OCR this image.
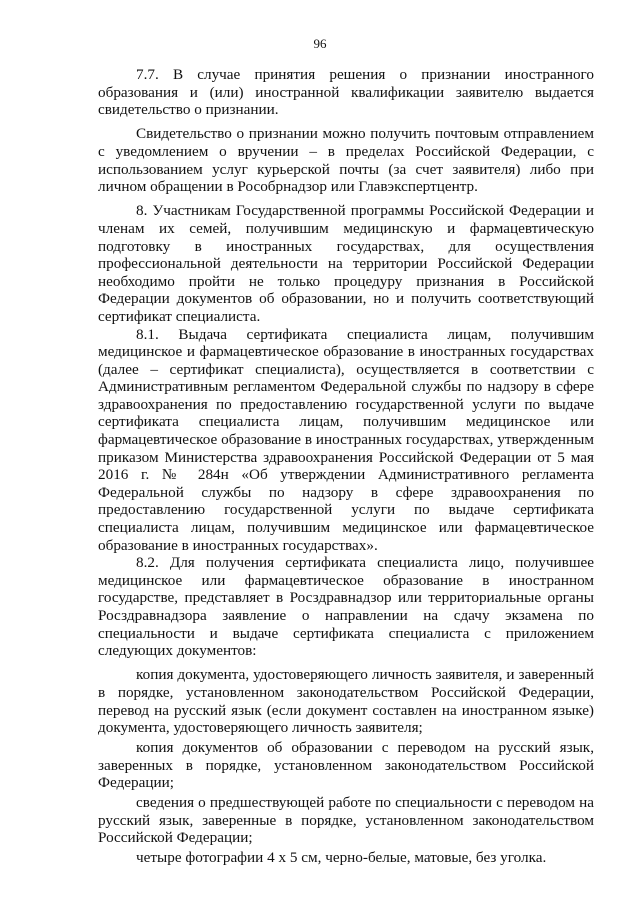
96

7.7. В случае принятия решения о признании иностранного образования и (или) иностранной квалификации заявителю выдается свидетельство о признании.

Свидетельство о признании можно получить почтовым отправлением с уведомлением о вручении – в пределах Российской Федерации, с использованием услуг курьерской почты (за счет заявителя) либо при личном обращении в Рособрнадзор или Главэкспертцентр.

8. Участникам Государственной программы Российской Федерации и членам их семей, получившим медицинскую и фармацевтическую подготовку в иностранных государствах, для осуществления профессиональной деятельности на территории Российской Федерации необходимо пройти не только процедуру признания в Российской Федерации документов об образовании, но и получить соответствующий сертификат специалиста.

8.1. Выдача сертификата специалиста лицам, получившим медицинское и фармацевтическое образование в иностранных государствах (далее – сертификат специалиста), осуществляется в соответствии с Административным регламентом Федеральной службы по надзору в сфере здравоохранения по предоставлению государственной услуги по выдаче сертификата специалиста лицам, получившим медицинское или фармацевтическое образование в иностранных государствах, утвержденным приказом Министерства здравоохранения Российской Федерации от 5 мая 2016 г. № 284н «Об утверждении Административного регламента Федеральной службы по надзору в сфере здравоохранения по предоставлению государственной услуги по выдаче сертификата специалиста лицам, получившим медицинское или фармацевтическое образование в иностранных государствах».

8.2. Для получения сертификата специалиста лицо, получившее медицинское или фармацевтическое образование в иностранном государстве, представляет в Росздравнадзор или территориальные органы Росздравнадзора заявление о направлении на сдачу экзамена по специальности и выдаче сертификата специалиста с приложением следующих документов:

копия документа, удостоверяющего личность заявителя, и заверенный в порядке, установленном законодательством Российской Федерации, перевод на русский язык (если документ составлен на иностранном языке) документа, удостоверяющего личность заявителя;

копия документов об образовании с переводом на русский язык, заверенных в порядке, установленном законодательством Российской Федерации;

сведения о предшествующей работе по специальности с переводом на русский язык, заверенные в порядке, установленном законодательством Российской Федерации;

четыре фотографии 4 х 5 см, черно-белые, матовые, без уголка.
